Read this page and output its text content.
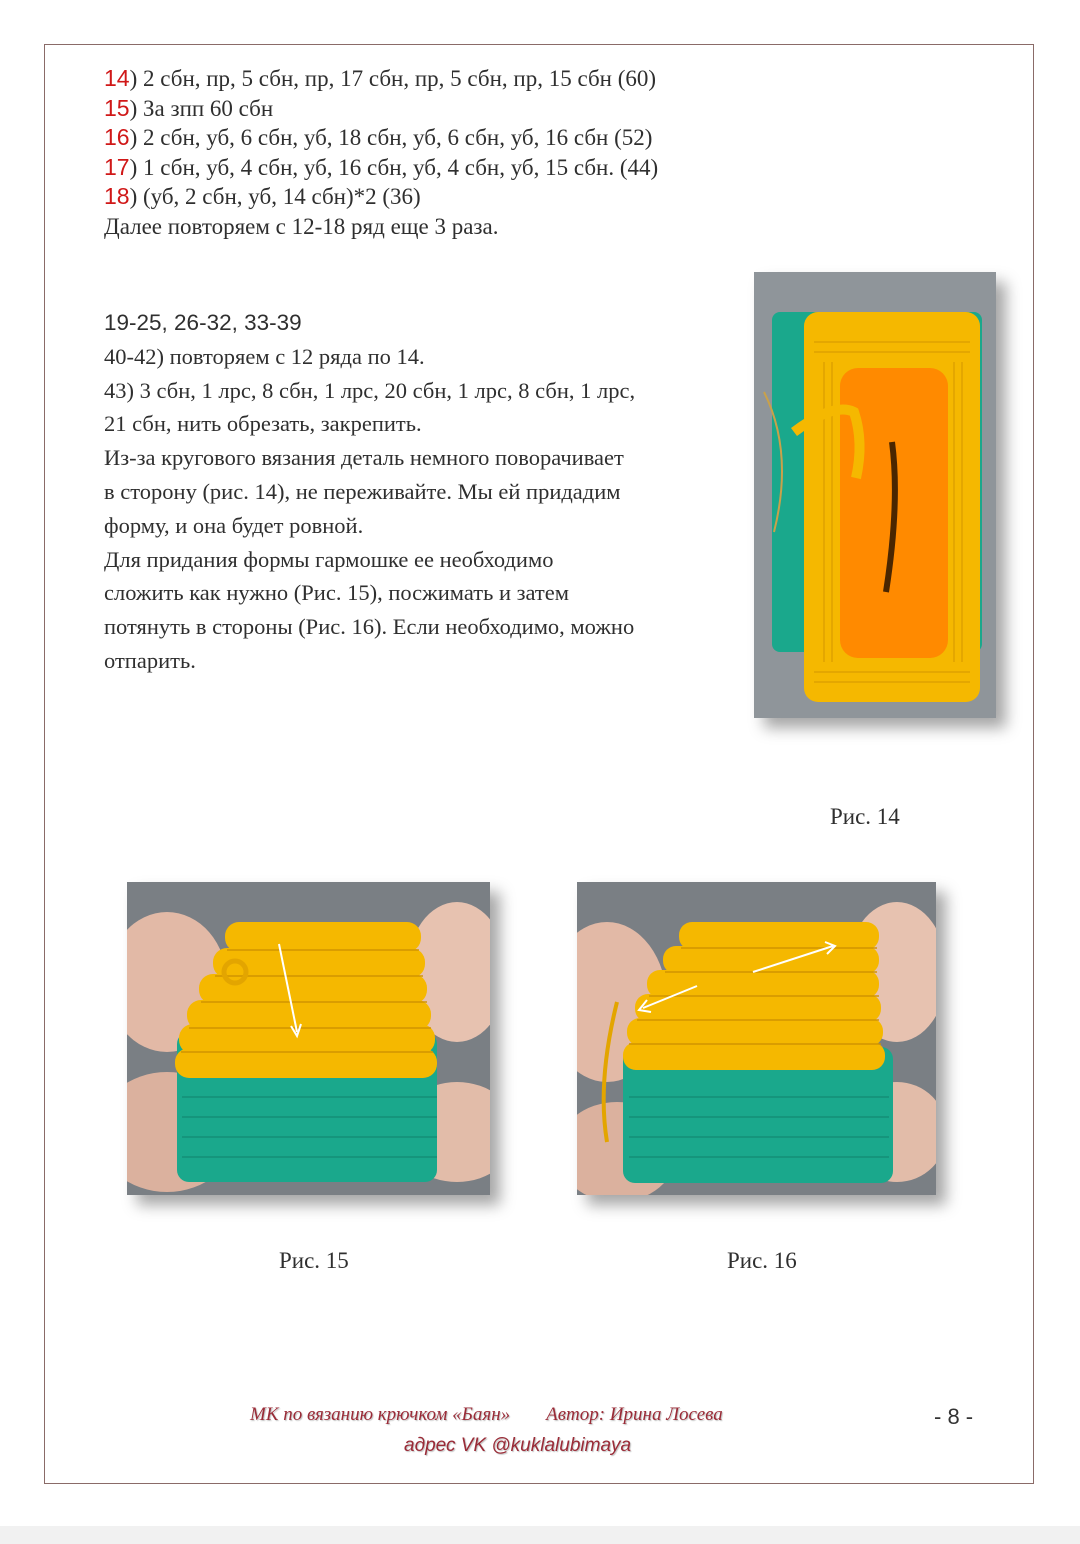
14) 2 сбн, пр, 5 сбн, пр, 17 сбн, пр, 5 сбн, пр, 15 сбн (60)
15) За зпп 60 сбн
16) 2 сбн, уб, 6 сбн, уб, 18 сбн, уб, 6 сбн, уб, 16 сбн (52)
17) 1 сбн, уб, 4 сбн, уб, 16 сбн, уб, 4 сбн, уб, 15 сбн. (44)
18) (уб, 2 сбн, уб, 14 сбн)*2 (36)
Далее повторяем с 12-18 ряд еще 3 раза.
19-25, 26-32, 33-39
40-42) повторяем с 12 ряда по 14.
43) 3 сбн, 1 лрс, 8 сбн, 1 лрс, 20 сбн, 1 лрс, 8 сбн, 1 лрс,
21 сбн, нить обрезать, закрепить.
Из-за кругового вязания деталь немного поворачивает
в сторону (рис. 14), не переживайте. Мы ей придадим
форму, и она будет ровной.
Для придания формы гармошке ее необходимо
сложить как нужно (Рис. 15), посжимать и затем
потянуть в стороны (Рис. 16). Если необходимо, можно
отпарить.
Рис. 14
Рис. 15	Рис. 16
МК по вязанию крючком «Баян» Автор: Ирина Лосева
адрес VK @kuklalubimaya
- 8 -
